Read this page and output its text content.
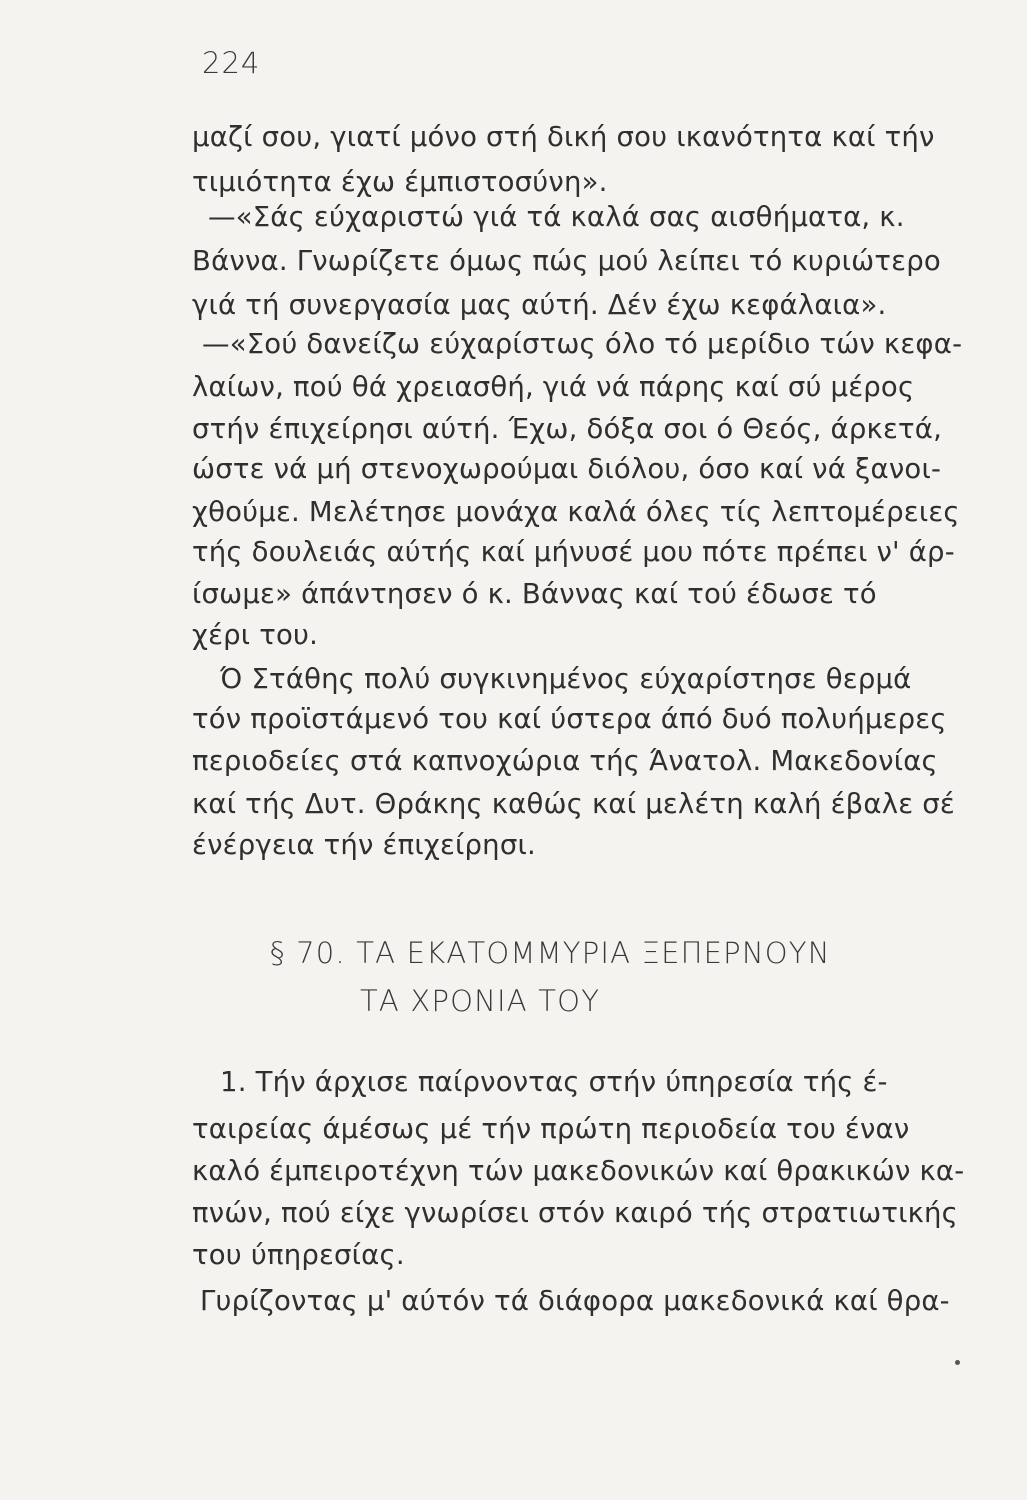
224
μαζί σου, γιατί μόνο στή δική σου ικανότητα καί τήν
τιμιότητα έχω έμπιστοσύνη».
—«Σάς εύχαριστώ γιά τά καλά σας αισθήματα, κ.
Βάννα. Γνωρίζετε όμως πώς μού λείπει τό κυριώτερο
γιά τή συνεργασία μας αύτή. Δέν έχω κεφάλαια».
—«Σού δανείζω εύχαρίστως όλο τό μερίδιο τών κεφα-
λαίων, πού θά χρειασθή, γιά νά πάρης καί σύ μέρος
στήν έπιχείρησι αύτή. Έχω, δόξα σοι ό Θεός, άρκετά,
ώστε νά μή στενοχωρούμαι διόλου, όσο καί νά ξανοι-
χθούμε. Μελέτησε μονάχα καλά όλες τίς λεπτομέρειες
τής δουλειάς αύτής καί μήνυσέ μου πότε πρέπει ν' άρ-
ίσωμε» άπάντησεν ό κ. Βάννας καί τού έδωσε τό
χέρι του.
Ό Στάθης πολύ συγκινημένος εύχαρίστησε θερμά
τόν προϊστάμενό του καί ύστερα άπό δυό πολυήμερες
περιοδείες στά καπνοχώρια τής Άνατολ. Μακεδονίας
καί τής Δυτ. Θράκης καθώς καί μελέτη καλή έβαλε σέ
ένέργεια τήν έπιχείρησι.
§ 70. ΤΑ ΕΚΑΤΟΜΜΥΡΙΑ ΞΕΠΕΡΝΟΥΝ
ΤΑ ΧΡΟΝΙΑ ΤΟΥ
1. Τήν άρχισε παίρνοντας στήν ύπηρεσία τής έ-
ταιρείας άμέσως μέ τήν πρώτη περιοδεία του έναν
καλό έμπειροτέχνη τών μακεδονικών καί θρακικών κα-
πνών, πού είχε γνωρίσει στόν καιρό τής στρατιωτικής
του ύπηρεσίας.
Γυρίζοντας μ' αύτόν τά διάφορα μακεδονικά καί θρα-
